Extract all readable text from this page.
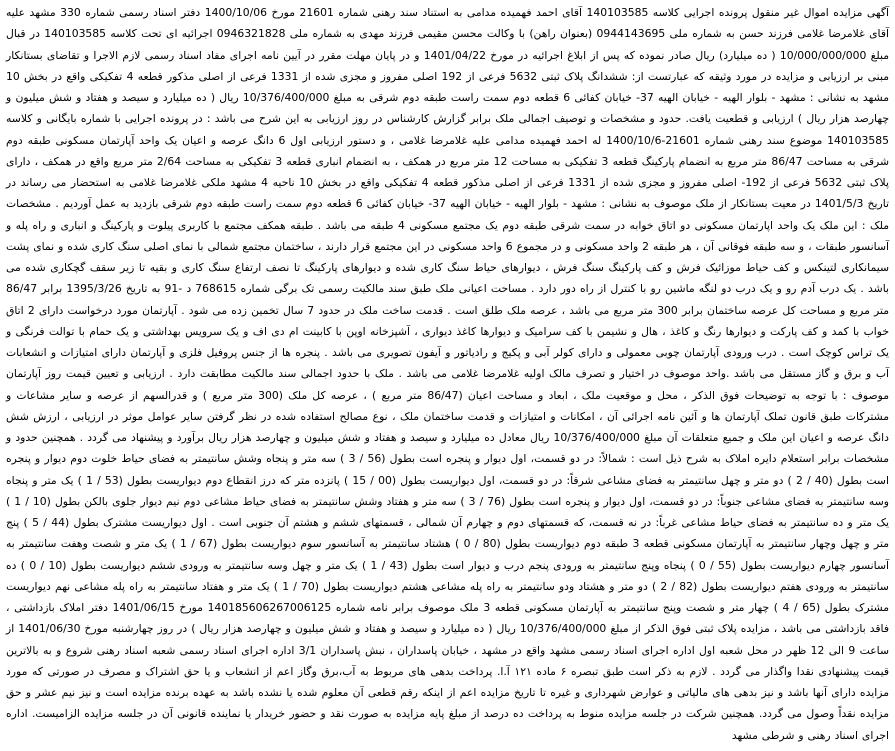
آگهی مزایده اموال غیر منقول پرونده اجرایی کلاسه 140103585 آقای احمد فهمیده مدامی به استناد سند رهنی شماره 21601 مورخ 1400/10/06 دفتر اسناد رسمی شماره 330 مشهد علیه آقای غلامرضا غلامی فرزند حسن به شماره ملی 0944143695 (بعنوان راهن) با وکالت محسن مقیمی فرزند مهدی به شماره ملی 0946321828 اجرائیه ای تحت کلاسه 140103585 در قبال مبلغ 10/000/000/000 ( ده میلیارد) ریال صادر نموده که پس از ابلاغ اجرائیه در مورخ 1401/04/22 و در پایان مهلت مقرر در آیین نامه اجرای مفاد اسناد رسمی لازم الاجرا و تقاضای بستانکار مبنی بر ارزیابی و مزایده در مورد وثیقه که عبارتست از: ششدانگ پلاک ثبتی 5632 فرعی از 192 اصلی مفروز و مجزی شده از 1331 فرعی از اصلی مذکور قطعه 4 تفکیکی واقع در بخش 10 مشهد به نشانی : مشهد - بلوار الهیه - خیابان الهیه 37- خیابان کفائی 6 قطعه دوم سمت راست طبقه دوم شرقی به مبلغ 10/376/400/000 ریال ( ده میلیارد و سیصد و هفتاد و شش میلیون و چهارصد هزار ریال ) ارزیابی و قطعیت یافت. حدود و مشخصات و توصیف اجمالی ملک برابر گزارش کارشناس در روز ارزیابی به این شرح می باشد : در پرونده اجرایی با شماره بایگانی و کلاسه 140103585 موضوع سند رهنی شماره 21601-1400/10/6 له احمد فهمیده مدامی علیه غلامرضا غلامی ، و دستور ارزیابی اول 6 دانگ عرصه و اعیان یک واحد آپارتمان مسکونی طبقه دوم شرقی به مساحت 86/47 متر مربع به انضمام پارکینگ قطعه 3 تفکیکی به مساحت 12 متر مربع در همکف ، به انضمام انباری قطعه 3 تفکیکی به مساحت 2/64 متر مربع واقع در همکف ، دارای پلاک ثبتی 5632 فرعی از 192- اصلی مفروز و مجزی شده از 1331 فرعی از اصلی مذکور قطعه 4 تفکیکی واقع در بخش 10 ناحیه 4 مشهد ملکی غلامرضا غلامی به استحضار می رساند در تاریخ 1401/5/3 در معیت بستانکار از ملک موصوف به نشانی : مشهد - بلوار الهیه - خیابان الهیه 37- خیابان کفائی 6 قطعه دوم سمت راست طبقه دوم شرقی بازدید به عمل آوردیم . مشخصات ملک : این ملک یک واحد اپارتمان مسکونی دو اتاق خوابه در سمت شرقی طبقه دوم یک مجتمع مسکونی 4 طبقه می باشد . طبقه همکف مجتمع با کاربری پیلوت و پارکینگ و انباری و راه پله و آسانسور طبقات ، و سه طبقه فوقانی آن ، هر طبقه 2 واحد مسکونی و در مجموع 6 واحد مسکونی در این مجتمع قرار دارند ، ساختمان مجتمع شمالی با نمای اصلی سنگ کاری شده و نمای پشت سیمانکاری لتینکس و کف حیاط موزائیک فرش و کف پارکینگ سنگ فرش ، دیوارهای حیاط سنگ کاری شده و دیوارهای پارکینگ تا نصف ارتفاع سنگ کاری و بقیه تا زیر سقف گچکاری شده می باشد . یک درب آدم رو و یک درب دو لنگه ماشین رو با کنترل از راه دور دارد . مساحت اعیانی ملک طبق سند مالکیت رسمی تک برگی شماره 768615 د -91 به تاریخ 1395/3/26 برابر 86/47 متر مربع و مساحت کل عرصه ساختمان برابر 300 متر مربع می باشد ، عرصه ملک طلق است . قدمت ساخت ملک در حدود 7 سال تخمین زده می شود . آپارتمان مورد درخواست دارای 2 اتاق خواب با کمد و کف پارکت و دیوارها رنگ و کاغذ ، هال و نشیمن با کف سرامیک و دیوارها کاغذ دیواری ، آشپزخانه اوپن با کابینت ام دی اف و یک سرویس بهداشتی و یک حمام با توالت فرنگی و یک تراس کوچک است . درب ورودی آپارتمان چوبی معمولی و دارای کولر آبی و پکیج و رادیاتور و آیفون تصویری می باشد . پنجره ها از جنس پروفیل فلزی و آپارتمان دارای امتیازات و انشعابات آب و برق و گاز مستقل می باشد .واحد موصوف در اختیار و تصرف مالک اولیه غلامرضا غلامی می باشد . ملک با حدود اجمالی سند مالکیت مطابقت دارد . ارزیابی و تعیین قیمت روز آپارتمان موصوف : با توجه به توضیحات فوق الذکر ، محل و موقعیت ملک ، ابعاد و مساحت اعیان (86/47 متر مربع ) ، عرصه کل ملک (300 متر مربع ) و قدرالسهم از عرصه و سایر مشاعات و مشترکات طبق قانون تملک آپارتمان ها و آئین نامه اجرائی آن ، امکانات و امتیازات و قدمت ساختمان ملک ، نوع مصالح استفاده شده در نظر گرفتن سایر عوامل موثر در ارزیابی ، ارزش شش دانگ عرصه و اعیان این ملک و جمیع متعلقات آن مبلغ 10/376/400/000 ریال معادل ده میلیارد و سیصد و هفتاد و شش میلیون و چهارصد هزار ریال برآورد و پیشنهاد می گردد . همچنین حدود و مشخصات برابر استعلام دایره املاک به شرح ذیل است : شمالاً: در دو قسمت، اول دیوار و پنجره است بطول (56 / 3 ) سه متر و پنجاه وشش سانتیمتر به فضای حیاط خلوت دوم دیوار و پنجره است بطول (40 / 2 ) دو متر و چهل سانتیمتر به فضای مشاعی شرقاً: در دو قسمت، اول دیواریست بطول (00 / 15 ) پانزده متر که درز انقطاع دوم دیواریست بطول (53 / 1 ) یک متر و پنجاه وسه سانتیمتر به فضای مشاعی جنوباً: در دو قسمت، اول دیوار و پنجره است بطول (76 / 3 ) سه متر و هفتاد وشش سانتیمتر به فضای حیاط مشاعی دوم نیم دیوار جلوی بالکن بطول (10 / 1 ) یک متر و ده سانتیمتر به فضای حیاط مشاعی غرباً: در نه قسمت، که قسمتهای دوم و چهارم آن شمالی ، قسمتهای ششم و هشتم آن جنوبی است . اول دیواریست مشترک بطول (44 / 5 ) پنج متر و چهل وچهار سانتیمتر به آپارتمان مسکونی قطعه 3 طبقه دوم دیواریست بطول (80 / 0 ) هشتاد سانتیمتر به آسانسور سوم دیواریست بطول (67 / 1 ) یک متر و شصت وهفت سانتیمتر به آسانسور چهارم دیواریست بطول (55 / 0 ) پنجاه وپنج سانتیمتر به ورودی پنجم درب و دیوار است بطول (43 / 1 ) یک متر و چهل وسه سانتیمتر به ورودی ششم دیواریست بطول (10 / 0 ) ده سانتیمتر به ورودی هفتم دیواریست بطول (82 / 2 ) دو متر و هشتاد ودو سانتیمتر به راه پله مشاعی هشتم دیواریست بطول (70 / 1 ) یک متر و هفتاد سانتیمتر به راه پله مشاعی نهم دیواریست مشترک بطول (65 / 4 ) چهار متر و شصت وپنج سانتیمتر به آپارتمان مسکونی قطعه 3 ملک موصوف برابر نامه شماره 140185606267006125 مورخ 1401/06/15 دفتر املاک بازداشتی ، فاقد بازداشتی می باشد ، مزایده پلاک ثبتی فوق الذکر از مبلغ 10/376/400/000 ریال ( ده میلیارد و سیصد و هفتاد و شش میلیون و چهارصد هزار ریال ) در روز چهارشنبه مورخ 1401/06/30 از ساعت 9 الی 12 ظهر در محل شعبه اول اداره اجرای اسناد رسمی مشهد واقع در مشهد ، خیابان پاسداران ، نبش پاسداران 3/1 اداره اجرای اسناد رسمی شعبه اسناد رهنی شروع و به بالاترین قیمت پیشنهادی نقدا واگذار می گردد . لازم به ذکر است طبق تبصره ۶ ماده ۱۲۱ آ.ا. پرداخت بدهی های مربوط به آب،برق وگاز اعم از انشعاب و یا حق اشتراک و مصرف در صورتی که مورد مزایده دارای آنها باشد و نیز بدهی های مالیاتی و عوارض شهرداری و غیره تا تاریخ مزایده اعم از اینکه رقم قطعی آن معلوم شده یا نشده باشد به عهده برنده مزایده است و نیز نیم عشر و حق مزایده نقداً وصول می گردد. همچنین شرکت در جلسه مزایده منوط به پرداخت ده درصد از مبلغ پایه مزایده به صورت نقد و حضور خریدار یا نماینده قانونی آن در جلسه مزایده الزامیست. اداره اجرای اسناد رهنی و شرطی مشهد
